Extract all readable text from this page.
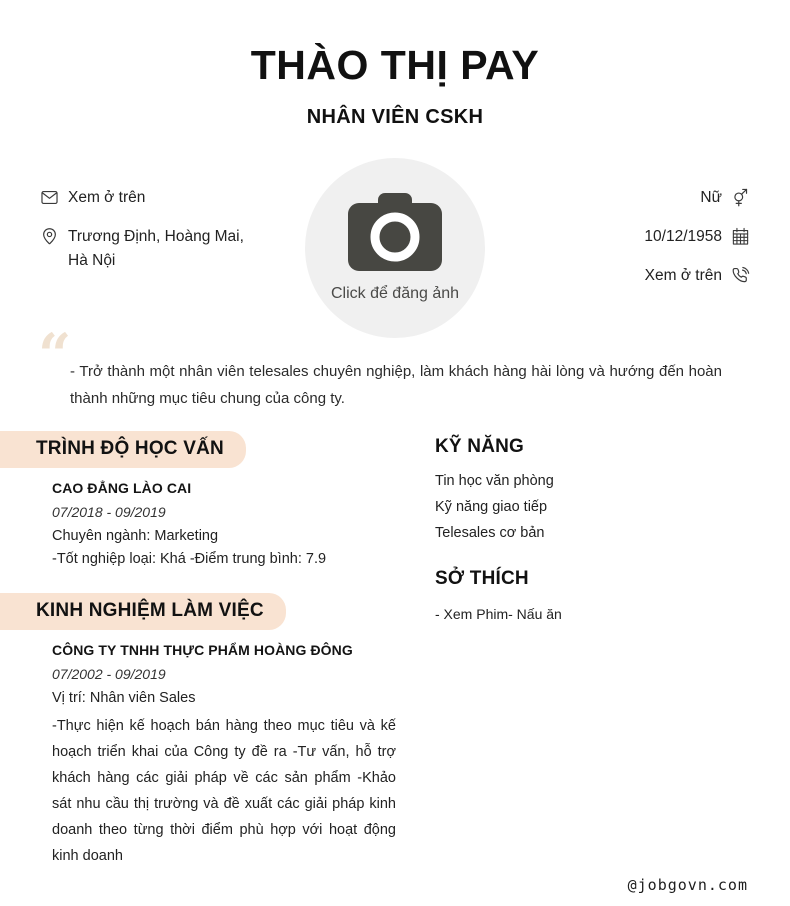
THÀO THỊ PAY
NHÂN VIÊN CSKH
Click để đăng ảnh
Xem ở trên
Trương Định, Hoàng Mai, Hà Nội
Nữ
10/12/1958
Xem ở trên
“
- Trở thành một nhân viên telesales chuyên nghiệp, làm khách hàng hài lòng và hướng đến hoàn thành những mục tiêu chung của công ty.
TRÌNH ĐỘ HỌC VẤN
CAO ĐẲNG LÀO CAI
07/2018 - 09/2019
Chuyên ngành: Marketing
-Tốt nghiệp loại: Khá -Điểm trung bình: 7.9
KINH NGHIỆM LÀM VIỆC
CÔNG TY TNHH THỰC PHẨM HOÀNG ĐÔNG
07/2002 - 09/2019
Vị trí: Nhân viên Sales
-Thực hiện kế hoạch bán hàng theo mục tiêu và kế hoạch triển khai của Công ty đề ra -Tư vấn, hỗ trợ khách hàng các giải pháp về các sản phẩm -Khảo sát nhu cầu thị trường và đề xuất các giải pháp kinh doanh theo từng thời điểm phù hợp với hoạt động kinh doanh
KỸ NĂNG
Tin học văn phòng
Kỹ năng giao tiếp
Telesales cơ bản
SỞ THÍCH
- Xem Phim- Nấu ăn
@jobgovn.com
